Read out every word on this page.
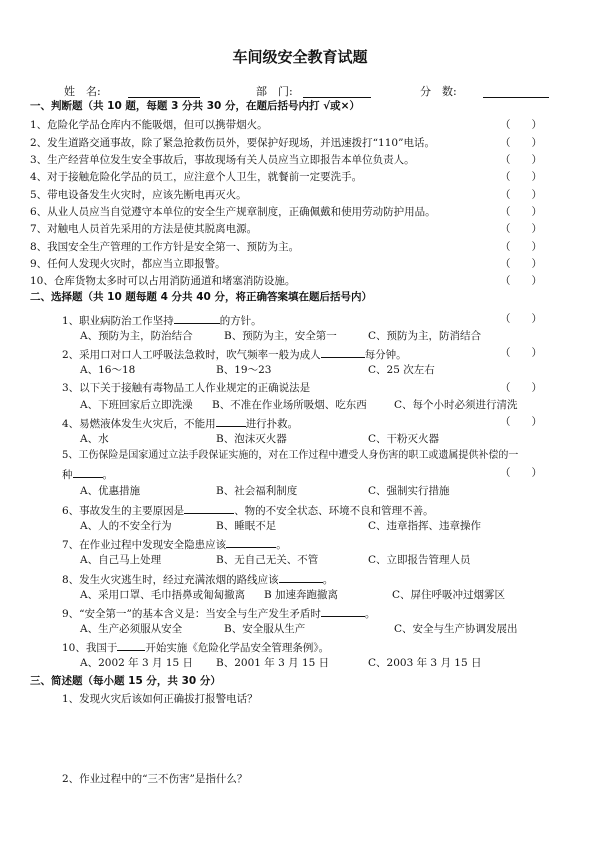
车间级安全教育试题
姓　名:	部　门:	分　数:
一、判断题（共 10 题，每题 3 分共 30 分，在题后括号内打 √或×）
1、危险化学品仓库内不能吸烟，但可以携带烟火。	（　　）
2、发生道路交通事故，除了紧急抢救伤员外，要保护好现场，并迅速拨打“110”电话。	（　　）
3、生产经营单位发生安全事故后，事故现场有关人员应当立即报告本单位负责人。	（　　）
4、对于接触危险化学品的员工，应注意个人卫生，就餐前一定要洗手。	（　　）
5、带电设备发生火灾时，应该先断电再灭火。	（　　）
6、从业人员应当自觉遵守本单位的安全生产规章制度，正确佩戴和使用劳动防护用品。	（　　）
7、对触电人员首先采用的方法是使其脱离电源。	（　　）
8、我国安全生产管理的工作方针是安全第一、预防为主。	（　　）
9、任何人发现火灾时，都应当立即报警。	（　　）
10、仓库货物太多时可以占用消防通道和堵塞消防设施。	（　　）
二、选择题（共 10 题每题 4 分共 40 分，将正确答案填在题后括号内）
1、职业病防治工作坚持	的方针。	（　　）
A、预防为主，防治结合	B、预防为主，安全第一	C、预防为主，防消结合
2、采用口对口人工呼吸法急救时，吹气频率一般为成人	每分钟。	（　　）
A、16～18	B、19～23	C、25 次左右
3、以下关于接触有毒物品工人作业规定的正确说法是	（　　）
A、下班回家后立即洗澡 B、不准在作业场所吸烟、吃东西	C、每个小时必须进行清洗
4、易燃液体发生火灾后，不能用	进行扑救。	（　　）
A、水	B、泡沫灭火器	C、干粉灭火器
5、工伤保险是国家通过立法手段保证实施的，对在工作过程中遭受人身伤害的职工或遗属提供补偿的一
种	。	（　　）
A、优惠措施	B、社会福利制度	C、强制实行措施
6、事故发生的主要原因是	、物的不安全状态、环境不良和管理不善。
A、人的不安全行为	B、睡眠不足	C、违章指挥、违章操作
7、在作业过程中发现安全隐患应该	。
A、自己马上处理	B、无自己无关、不管	C、立即报告管理人员
8、发生火灾逃生时，经过充满浓烟的路线应该	。
A、采用口罩、毛巾捂鼻或匍匐撤离 B 加速奔跑撤离	C、屏住呼吸冲过烟雾区
9、“安全第一”的基本含义是：当安全与生产发生矛盾时	。
A、生产必须服从安全	B、安全服从生产	C、安全与生产协调发展出
10、我国于	开始实施《危险化学品安全管理条例》。
A、2002 年 3 月 15 日 B、2001 年 3 月 15 日	C、2003 年 3 月 15 日
三、简述题（每小题 15 分，共 30 分）
1、发现火灾后该如何正确拔打报警电话？
2、作业过程中的“三不伤害”是指什么？
